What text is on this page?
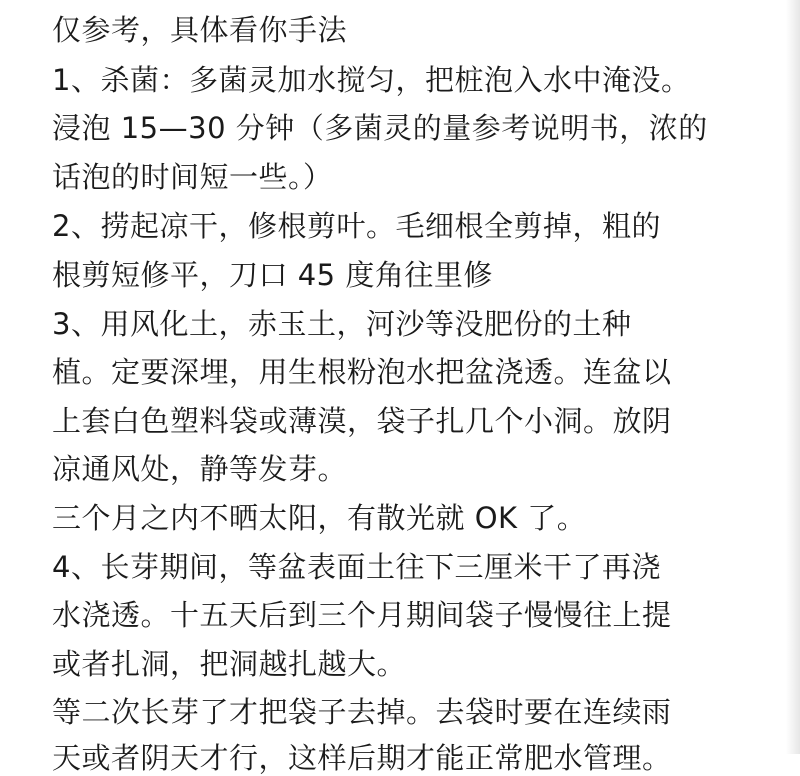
仅参考，具体看你手法
1、杀菌：多菌灵加水搅匀，把桩泡入水中淹没。
浸泡 15—30 分钟（多菌灵的量参考说明书，浓的
话泡的时间短一些。）
2、捞起凉干，修根剪叶。毛细根全剪掉，粗的
根剪短修平，刀口 45 度角往里修
3、用风化土，赤玉土，河沙等没肥份的土种
植。定要深埋，用生根粉泡水把盆浇透。连盆以
上套白色塑料袋或薄漠，袋子扎几个小洞。放阴
凉通风处，静等发芽。
三个月之内不晒太阳，有散光就 OK 了。
4、长芽期间，等盆表面土往下三厘米干了再浇
水浇透。十五天后到三个月期间袋子慢慢往上提
或者扎洞，把洞越扎越大。
等二次长芽了才把袋子去掉。去袋时要在连续雨
天或者阴天才行，这样后期才能正常肥水管理。
